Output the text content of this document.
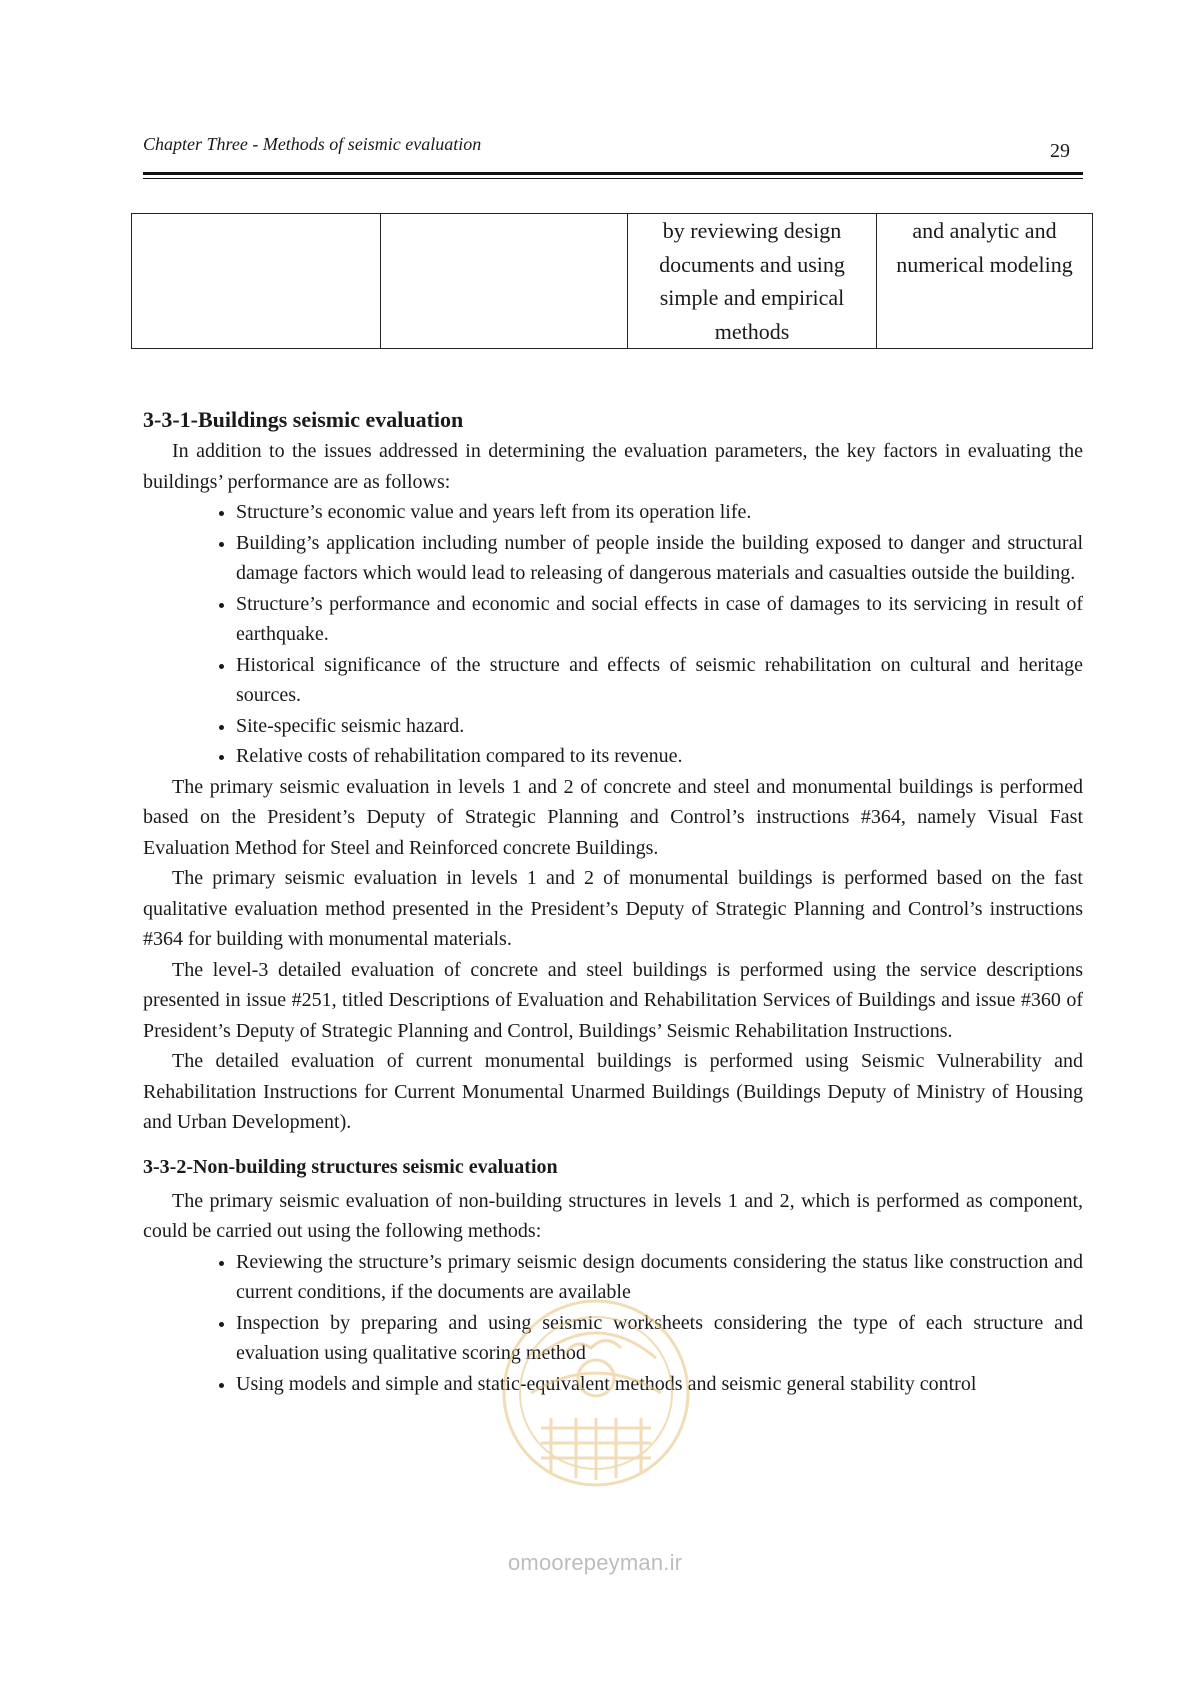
Chapter Three - Methods of seismic evaluation	29
		by reviewing design documents and using simple and empirical methods	and analytic and numerical modeling
3-3-1-Buildings seismic evaluation

In addition to the issues addressed in determining the evaluation parameters, the key factors in evaluating the buildings’ performance are as follows:

• Structure’s economic value and years left from its operation life.
• Building’s application including number of people inside the building exposed to danger and structural damage factors which would lead to releasing of dangerous materials and casualties outside the building.
• Structure’s performance and economic and social effects in case of damages to its servicing in result of earthquake.
• Historical significance of the structure and effects of seismic rehabilitation on cultural and heritage sources.
• Site-specific seismic hazard.
• Relative costs of rehabilitation compared to its revenue.

The primary seismic evaluation in levels 1 and 2 of concrete and steel and monumental buildings is performed based on the President’s Deputy of Strategic Planning and Control’s instructions #364, namely Visual Fast Evaluation Method for Steel and Reinforced concrete Buildings.

The primary seismic evaluation in levels 1 and 2 of monumental buildings is performed based on the fast qualitative evaluation method presented in the President’s Deputy of Strategic Planning and Control’s instructions #364 for building with monumental materials.

The level-3 detailed evaluation of concrete and steel buildings is performed using the service descriptions presented in issue #251, titled Descriptions of Evaluation and Rehabilitation Services of Buildings and issue #360 of President’s Deputy of Strategic Planning and Control, Buildings’ Seismic Rehabilitation Instructions.

The detailed evaluation of current monumental buildings is performed using Seismic Vulnerability and Rehabilitation Instructions for Current Monumental Unarmed Buildings (Buildings Deputy of Ministry of Housing and Urban Development).

3-3-2-Non-building structures seismic evaluation

The primary seismic evaluation of non-building structures in levels 1 and 2, which is performed as component, could be carried out using the following methods:

• Reviewing the structure’s primary seismic design documents considering the status like construction and current conditions, if the documents are available
• Inspection by preparing and using seismic worksheets considering the type of each structure and evaluation using qualitative scoring method
• Using models and simple and static-equivalent methods and seismic general stability control
omoorepeyman.ir
